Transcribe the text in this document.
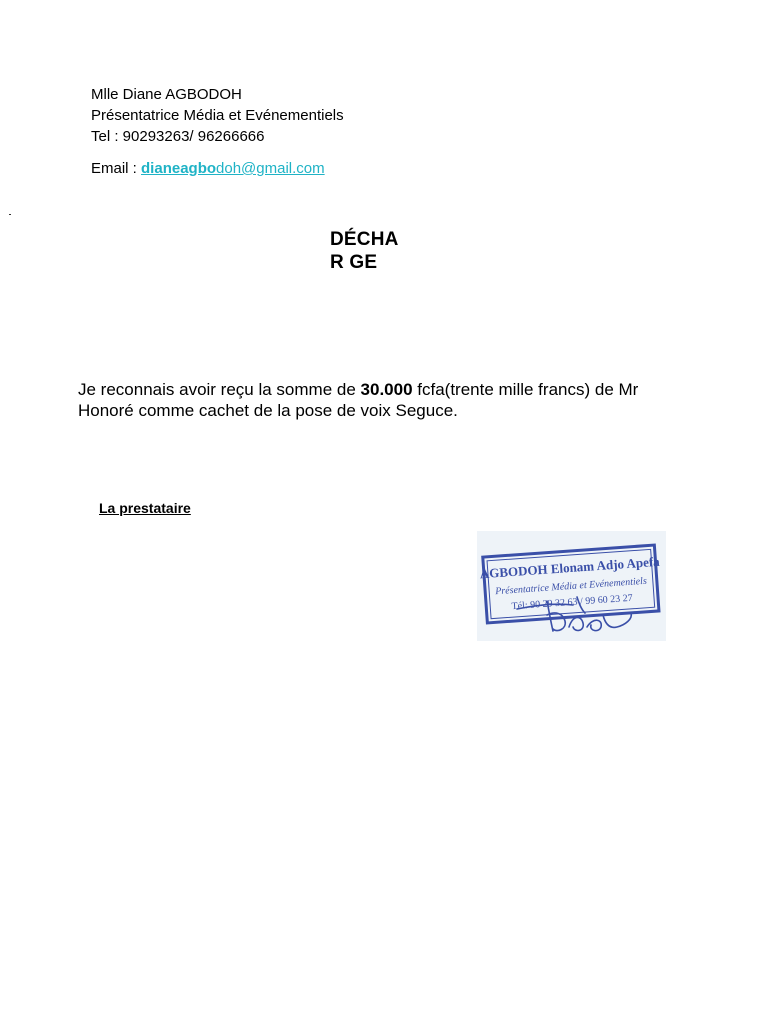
Mlle Diane AGBODOH
Présentatrice Média et Evénementiels
Tel : 90293263/ 96266666
Email : dianeagbodoh@gmail.com
DÉCHA
R GE
Je reconnais avoir reçu la somme de 30.000 fcfa(trente mille francs) de Mr
Honoré comme cachet de la pose de voix Seguce.
La prestataire
AGBODOH Elonam Adjo Apefa
Présentatrice Média et Evénementiels
Tél: 90 29 32 63 / 99 60 23 27
